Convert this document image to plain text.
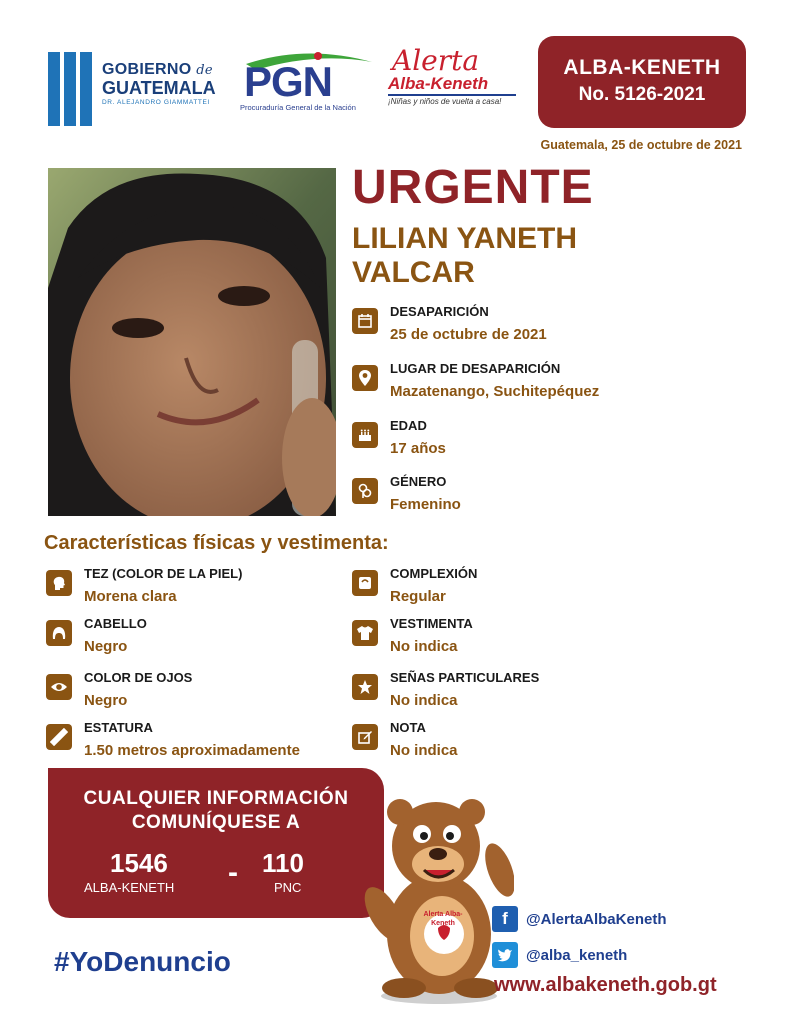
GOBIERNO de
GUATEMALA
DR. ALEJANDRO GIAMMATTEI PGN
Procuraduría General de la Nación
Alerta
Alba-Keneth
¡Niñas y niños de vuelta a casa!
ALBA-KENETH
No. 5126-2021
Guatemala, 25 de octubre de 2021
URGENTE
LILIAN YANETH VALCAR
DESAPARICIÓN
25 de octubre de 2021
LUGAR DE DESAPARICIÓN
Mazatenango, Suchitepéquez
EDAD
17 años
GÉNERO
Femenino
Características físicas y vestimenta:
TEZ (COLOR DE LA PIEL)
Morena clara
CABELLO
Negro
COLOR DE OJOS
Negro
ESTATURA
1.50 metros aproximadamente
COMPLEXIÓN
Regular
VESTIMENTA
No indica
SEÑAS PARTICULARES
No indica
NOTA
No indica
CUALQUIER INFORMACIÓN
COMUNÍQUESE A
1546
ALBA-KENETH - 110
PNC
#YoDenuncio
Alerta Alba-Keneth	f	@AlertaAlbaKeneth
@alba_keneth
www.albakeneth.gob.gt
